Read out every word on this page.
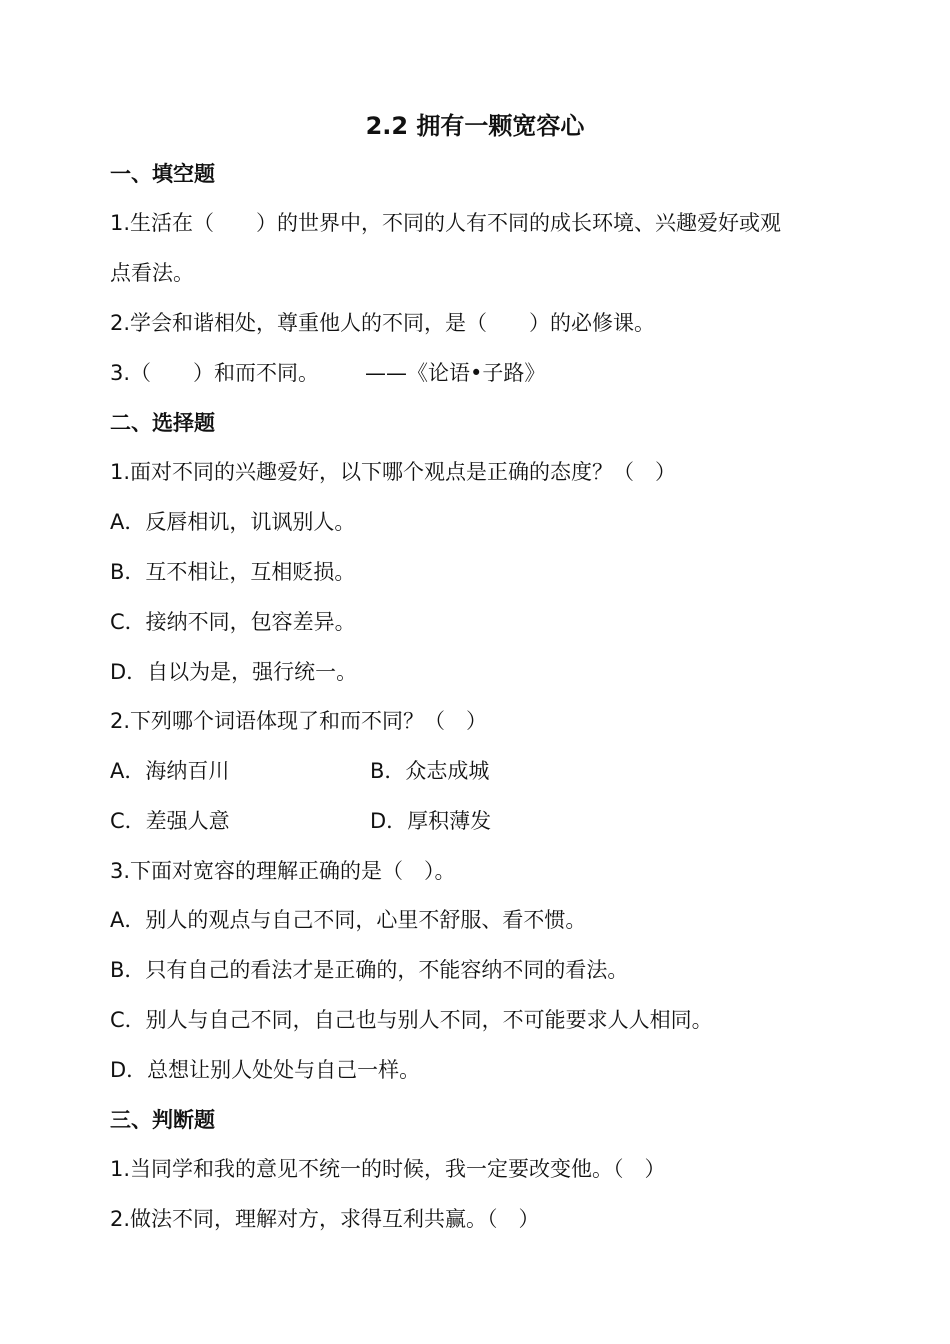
2.2 拥有一颗宽容心
一、填空题
1.生活在（　　）的世界中，不同的人有不同的成长环境、兴趣爱好或观
点看法。
2.学会和谐相处，尊重他人的不同，是（　　）的必修课。
3.（　　）和而不同。 ——《论语•子路》
二、选择题
1.面对不同的兴趣爱好，以下哪个观点是正确的态度？（　）
A．反唇相讥，讥讽别人。
B．互不相让，互相贬损。
C．接纳不同，包容差异。
D．自以为是，强行统一。
2.下列哪个词语体现了和而不同？（　）
A．海纳百川	B．众志成城
C．差强人意	D．厚积薄发
3.下面对宽容的理解正确的是（　）。
A．别人的观点与自己不同，心里不舒服、看不惯。
B．只有自己的看法才是正确的，不能容纳不同的看法。
C．别人与自己不同，自己也与别人不同，不可能要求人人相同。
D．总想让别人处处与自己一样。
三、判断题
1.当同学和我的意见不统一的时候，我一定要改变他。（　）
2.做法不同，理解对方，求得互利共赢。（　）
